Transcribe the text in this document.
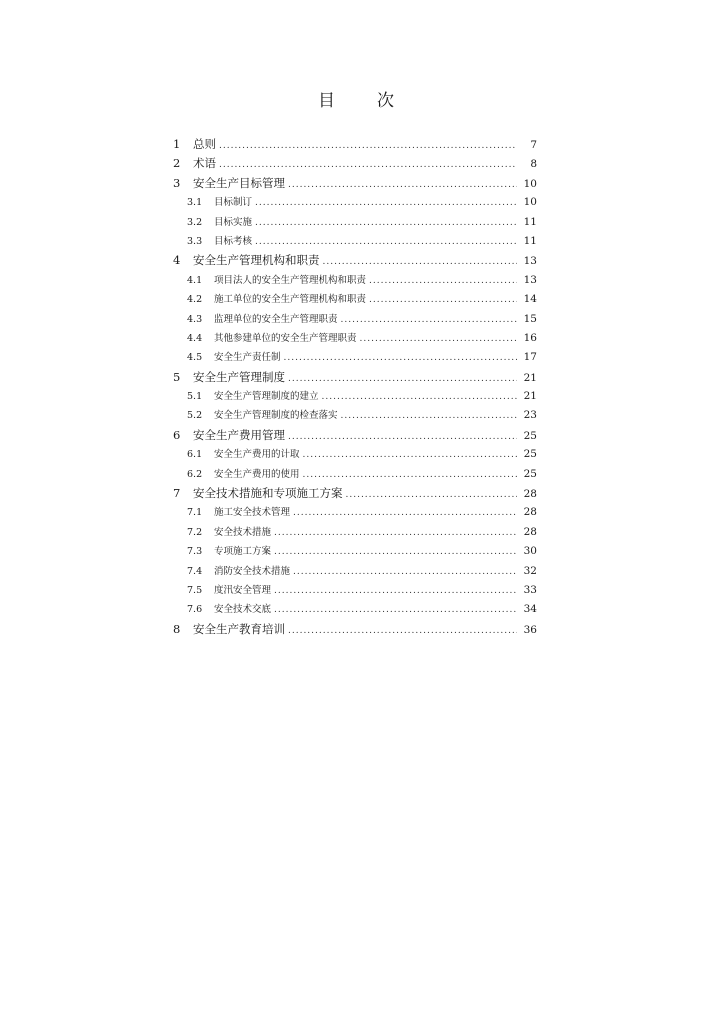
目 次
1	总则 .....	7
2	术语 .....	8
3	安全生产目标管理 .....	10
3.1	目标制订 .....	10
3.2	目标实施 .....	11
3.3	目标考核 .....	11
4	安全生产管理机构和职责 .....	13
4.1	项目法人的安全生产管理机构和职责 .....	13
4.2	施工单位的安全生产管理机构和职责 .....	14
4.3	监理单位的安全生产管理职责 .....	15
4.4	其他参建单位的安全生产管理职责 .....	16
4.5	安全生产责任制 .....	17
5	安全生产管理制度 .....	21
5.1	安全生产管理制度的建立 .....	21
5.2	安全生产管理制度的检查落实 .....	23
6	安全生产费用管理 .....	25
6.1	安全生产费用的计取 .....	25
6.2	安全生产费用的使用 .....	25
7	安全技术措施和专项施工方案 .....	28
7.1	施工安全技术管理 .....	28
7.2	安全技术措施 .....	28
7.3	专项施工方案 .....	30
7.4	消防安全技术措施 .....	32
7.5	度汛安全管理 .....	33
7.6	安全技术交底 .....	34
8	安全生产教育培训 .....	36
